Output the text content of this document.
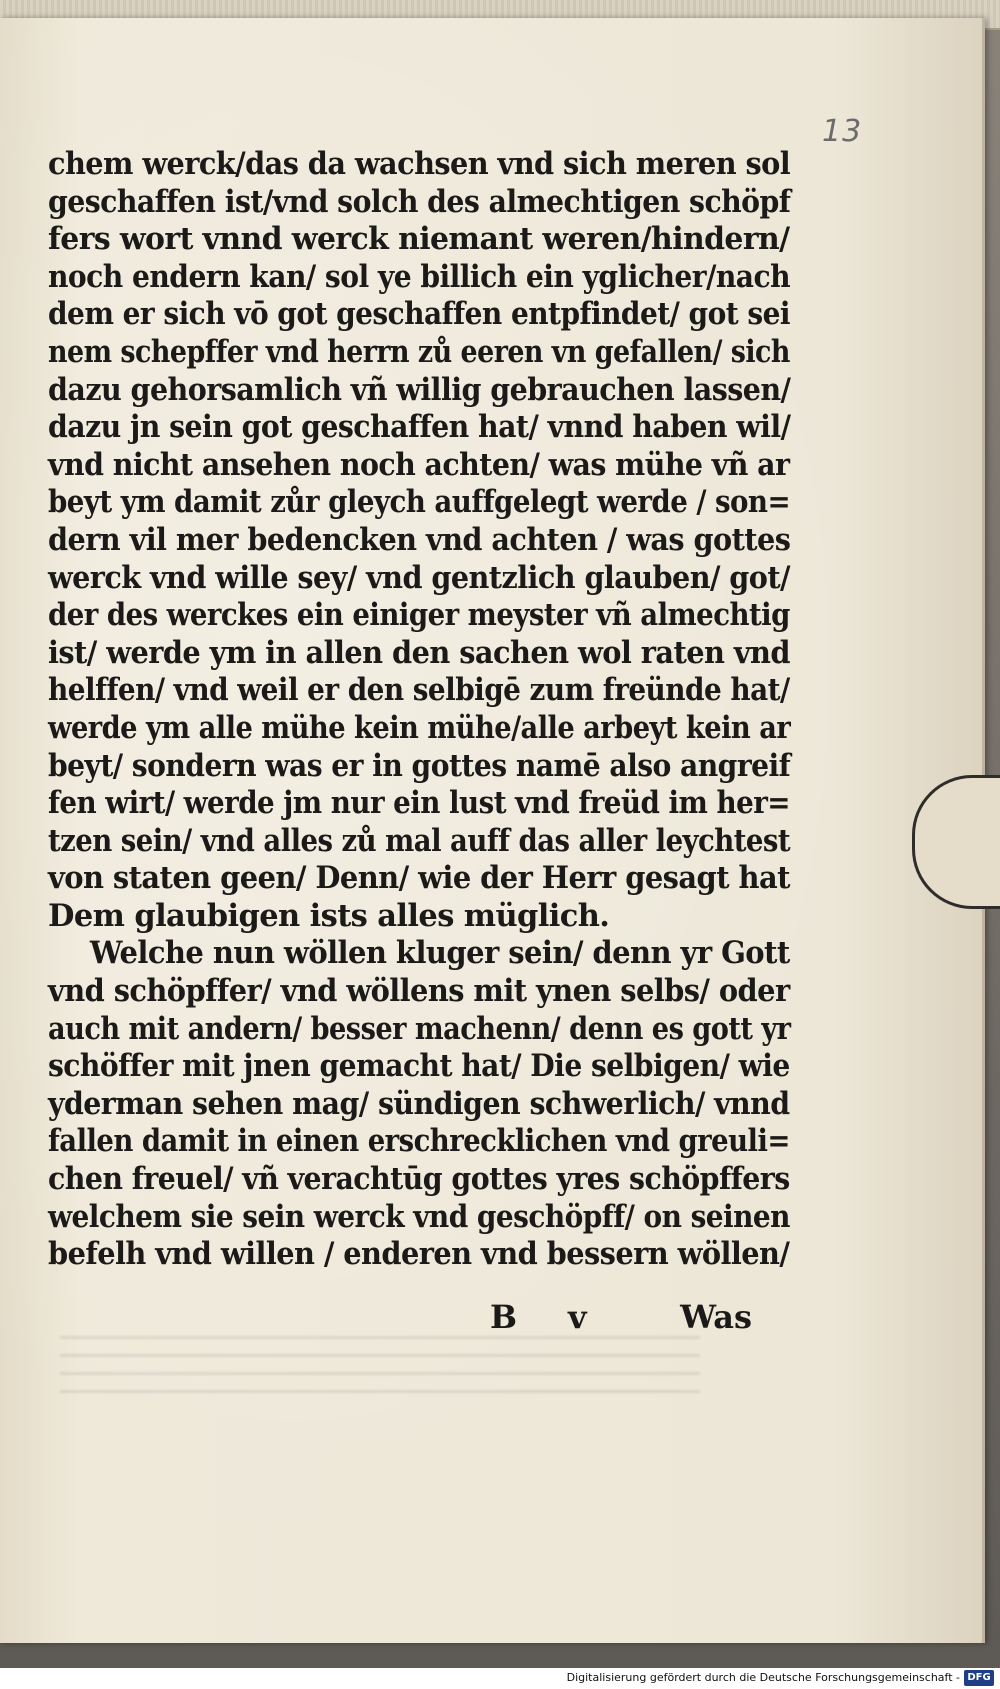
13
chem werck/das da wachsen vnd sich meren sol
geschaffen ist/vnd solch des almechtigen schöpf
fers wort vnnd werck niemant weren/hindern/
noch endern kan/ sol ye billich ein yglicher/nach
dem er sich vō got geschaffen entpfindet/ got sei
nem schepffer vnd herrn zů eeren vn gefallen/ sich
dazu gehorsamlich vñ willig gebrauchen lassen/
dazu jn sein got geschaffen hat/ vnnd haben wil/
vnd nicht ansehen noch achten/ was mühe vñ ar
beyt ym damit zůr gleych auffgelegt werde / son=
dern vil mer bedencken vnd achten / was gottes
werck vnd wille sey/ vnd gentzlich glauben/ got/
der des werckes ein einiger meyster vñ almechtig
ist/ werde ym in allen den sachen wol raten vnd
helffen/ vnd weil er den selbigē zum freünde hat/
werde ym alle mühe kein mühe/alle arbeyt kein ar
beyt/ sondern was er in gottes namē also angreif
fen wirt/ werde jm nur ein lust vnd freüd im her=
tzen sein/ vnd alles zů mal auff das aller leychtest
von staten geen/ Denn/ wie der Herr gesagt hat
Dem glaubigen ists alles müglich.
Welche nun wöllen kluger sein/ denn yr Gott
vnd schöpffer/ vnd wöllens mit ynen selbs/ oder
auch mit andern/ besser machenn/ denn es gott yr
schöffer mit jnen gemacht hat/ Die selbigen/ wie
yderman sehen mag/ sündigen schwerlich/ vnnd
fallen damit in einen erschrecklichen vnd greuli=
chen freuel/ vñ verachtūg gottes yres schöpffers
welchem sie sein werck vnd geschöpff/ on seinen
befelh vnd willen / enderen vnd bessern wöllen/
B v	Was
Digitalisierung gefördert durch die Deutsche Forschungsgemeinschaft - DFG
